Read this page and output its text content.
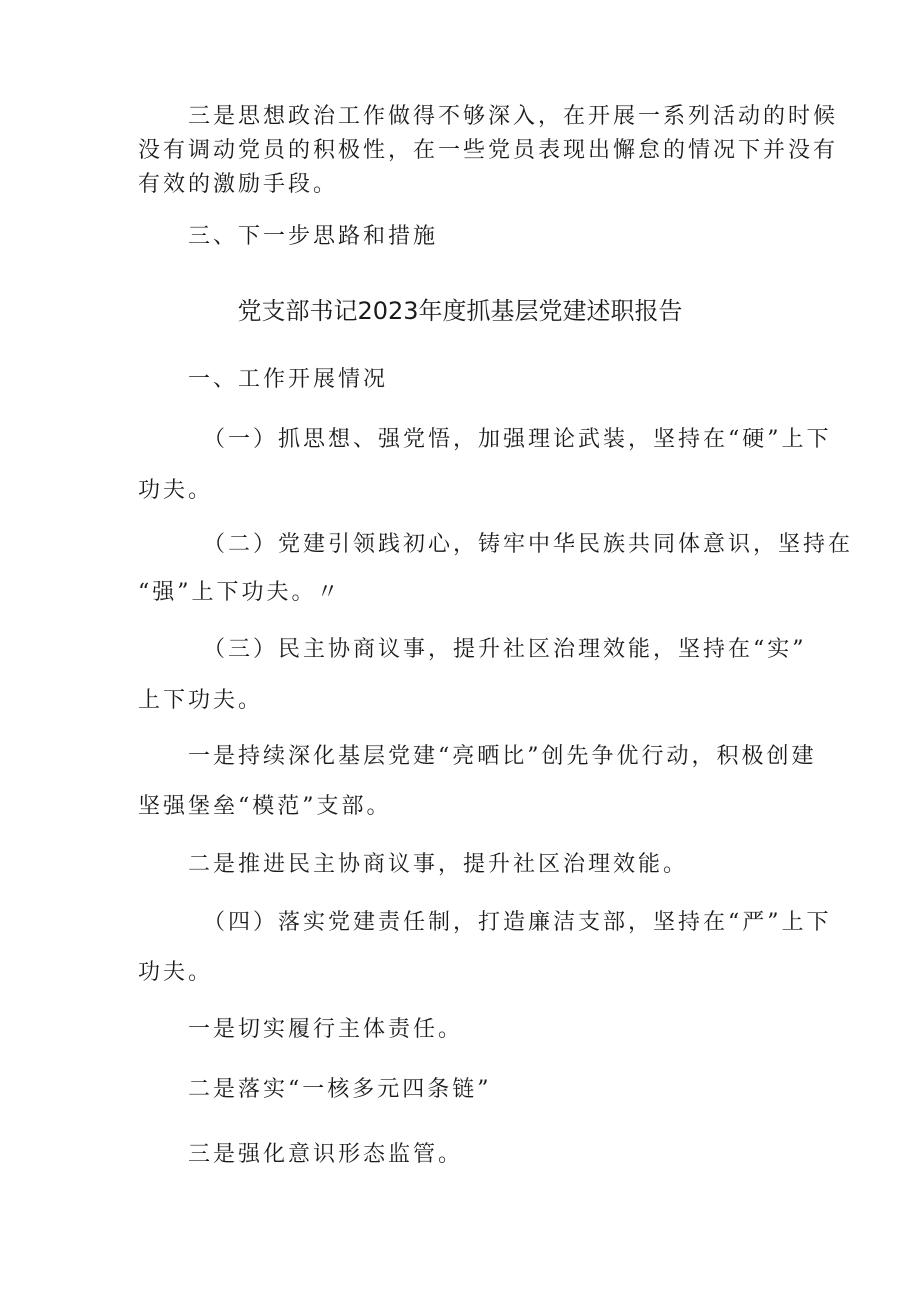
三是思想政治工作做得不够深入，在开展一系列活动的时候
没有调动党员的积极性，在一些党员表现出懈怠的情况下并没有
有效的激励手段。
三、下一步思路和措施
党支部书记2023年度抓基层党建述职报告
一、工作开展情况
（一）抓思想、强党悟，加强理论武装，坚持在“硬”上下
功夫。
（二）党建引领践初心，铸牢中华民族共同体意识，坚持在
“强”上下功夫。〃
（三）民主协商议事，提升社区治理效能，坚持在“实”
上下功夫。
一是持续深化基层党建“亮晒比”创先争优行动，积极创建
坚强堡垒“模范”支部。
二是推进民主协商议事，提升社区治理效能。
（四）落实党建责任制，打造廉洁支部，坚持在“严”上下
功夫。
一是切实履行主体责任。
二是落实“一核多元四条链”
三是强化意识形态监管。
